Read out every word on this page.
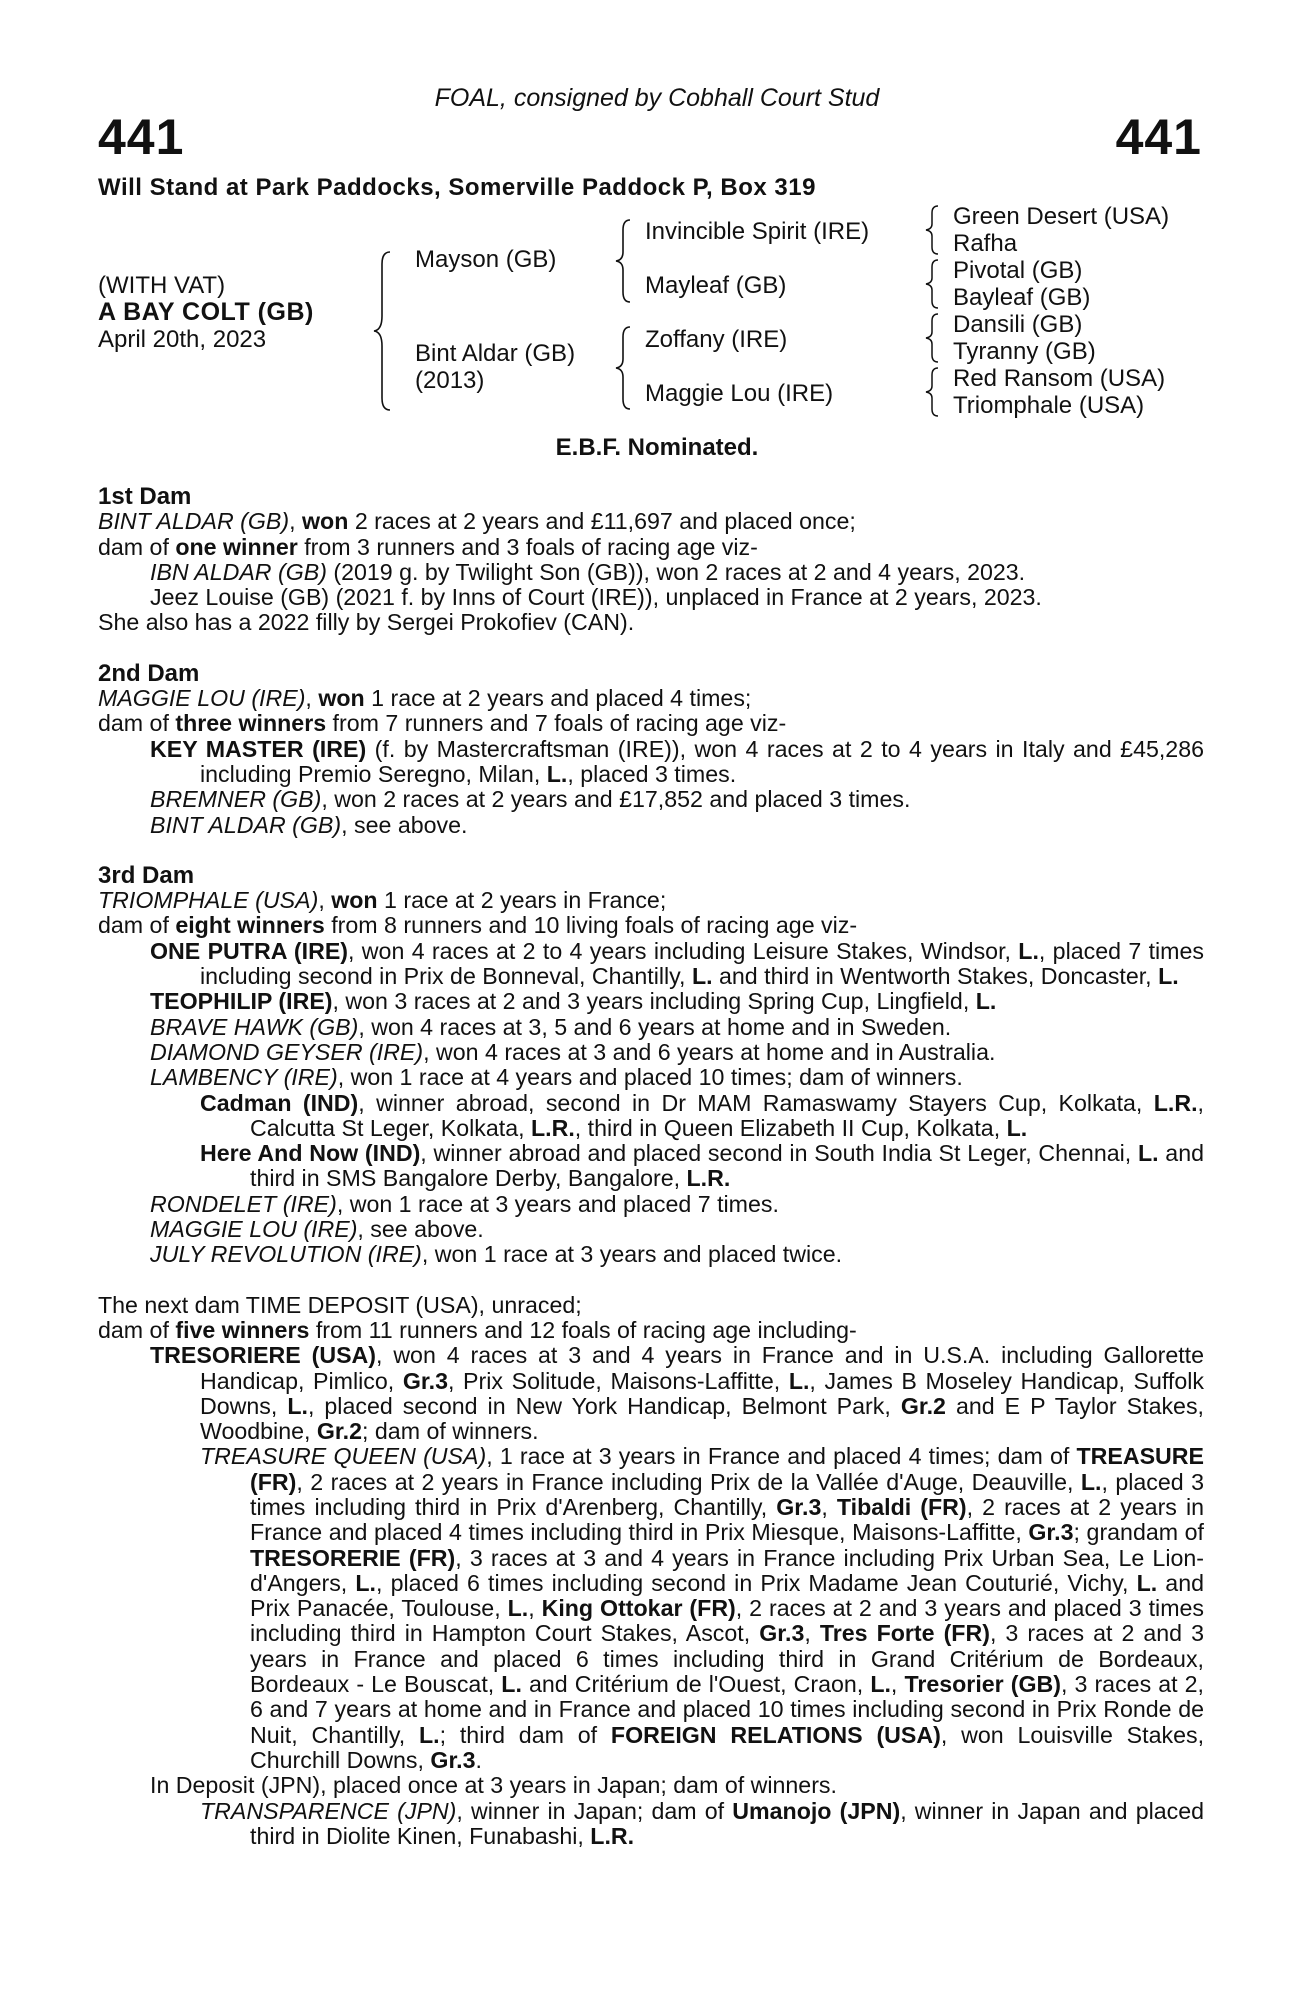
FOAL, consigned by Cobhall Court Stud
441	441
Will Stand at Park Paddocks, Somerville Paddock P, Box 319
(WITH VAT)
A BAY COLT (GB)
April 20th, 2023
Mayson (GB)
Bint Aldar (GB)
(2013)
Invincible Spirit (IRE)
Mayleaf (GB)
Zoffany (IRE)
Maggie Lou (IRE)
Green Desert (USA)
Rafha
Pivotal (GB)
Bayleaf (GB)
Dansili (GB)
Tyranny (GB)
Red Ransom (USA)
Triomphale (USA)
E.B.F. Nominated.

1st Dam

BINT ALDAR (GB), won 2 races at 2 years and £11,697 and placed once;

dam of one winner from 3 runners and 3 foals of racing age viz-

IBN ALDAR (GB) (2019 g. by Twilight Son (GB)), won 2 races at 2 and 4 years, 2023.

Jeez Louise (GB) (2021 f. by Inns of Court (IRE)), unplaced in France at 2 years, 2023.

She also has a 2022 filly by Sergei Prokofiev (CAN).

2nd Dam

MAGGIE LOU (IRE), won 1 race at 2 years and placed 4 times;

dam of three winners from 7 runners and 7 foals of racing age viz-

KEY MASTER (IRE) (f. by Mastercraftsman (IRE)), won 4 races at 2 to 4 years in Italy and £45,286 including Premio Seregno, Milan, L., placed 3 times.

BREMNER (GB), won 2 races at 2 years and £17,852 and placed 3 times.

BINT ALDAR (GB), see above.

3rd Dam

TRIOMPHALE (USA), won 1 race at 2 years in France;

dam of eight winners from 8 runners and 10 living foals of racing age viz-

ONE PUTRA (IRE), won 4 races at 2 to 4 years including Leisure Stakes, Windsor, L., placed 7 times including second in Prix de Bonneval, Chantilly, L. and third in Wentworth Stakes, Doncaster, L.

TEOPHILIP (IRE), won 3 races at 2 and 3 years including Spring Cup, Lingfield, L.

BRAVE HAWK (GB), won 4 races at 3, 5 and 6 years at home and in Sweden.

DIAMOND GEYSER (IRE), won 4 races at 3 and 6 years at home and in Australia.

LAMBENCY (IRE), won 1 race at 4 years and placed 10 times; dam of winners.

Cadman (IND), winner abroad, second in Dr MAM Ramaswamy Stayers Cup, Kolkata, L.R., Calcutta St Leger, Kolkata, L.R., third in Queen Elizabeth II Cup, Kolkata, L.

Here And Now (IND), winner abroad and placed second in South India St Leger, Chennai, L. and third in SMS Bangalore Derby, Bangalore, L.R.

RONDELET (IRE), won 1 race at 3 years and placed 7 times.

MAGGIE LOU (IRE), see above.

JULY REVOLUTION (IRE), won 1 race at 3 years and placed twice.

The next dam TIME DEPOSIT (USA), unraced;

dam of five winners from 11 runners and 12 foals of racing age including-

TRESORIERE (USA), won 4 races at 3 and 4 years in France and in U.S.A. including Gallorette Handicap, Pimlico, Gr.3, Prix Solitude, Maisons-Laffitte, L., James B Moseley Handicap, Suffolk Downs, L., placed second in New York Handicap, Belmont Park, Gr.2 and E P Taylor Stakes, Woodbine, Gr.2; dam of winners.

TREASURE QUEEN (USA), 1 race at 3 years in France and placed 4 times; dam of TREASURE (FR), 2 races at 2 years in France including Prix de la Vallée d'Auge, Deauville, L., placed 3 times including third in Prix d'Arenberg, Chantilly, Gr.3, Tibaldi (FR), 2 races at 2 years in France and placed 4 times including third in Prix Miesque, Maisons-Laffitte, Gr.3; grandam of TRESORERIE (FR), 3 races at 3 and 4 years in France including Prix Urban Sea, Le Lion-d'Angers, L., placed 6 times including second in Prix Madame Jean Couturié, Vichy, L. and Prix Panacée, Toulouse, L., King Ottokar (FR), 2 races at 2 and 3 years and placed 3 times including third in Hampton Court Stakes, Ascot, Gr.3, Tres Forte (FR), 3 races at 2 and 3 years in France and placed 6 times including third in Grand Critérium de Bordeaux, Bordeaux - Le Bouscat, L. and Critérium de l'Ouest, Craon, L., Tresorier (GB), 3 races at 2, 6 and 7 years at home and in France and placed 10 times including second in Prix Ronde de Nuit, Chantilly, L.; third dam of FOREIGN RELATIONS (USA), won Louisville Stakes, Churchill Downs, Gr.3.

In Deposit (JPN), placed once at 3 years in Japan; dam of winners.

TRANSPARENCE (JPN), winner in Japan; dam of Umanojo (JPN), winner in Japan and placed third in Diolite Kinen, Funabashi, L.R.
